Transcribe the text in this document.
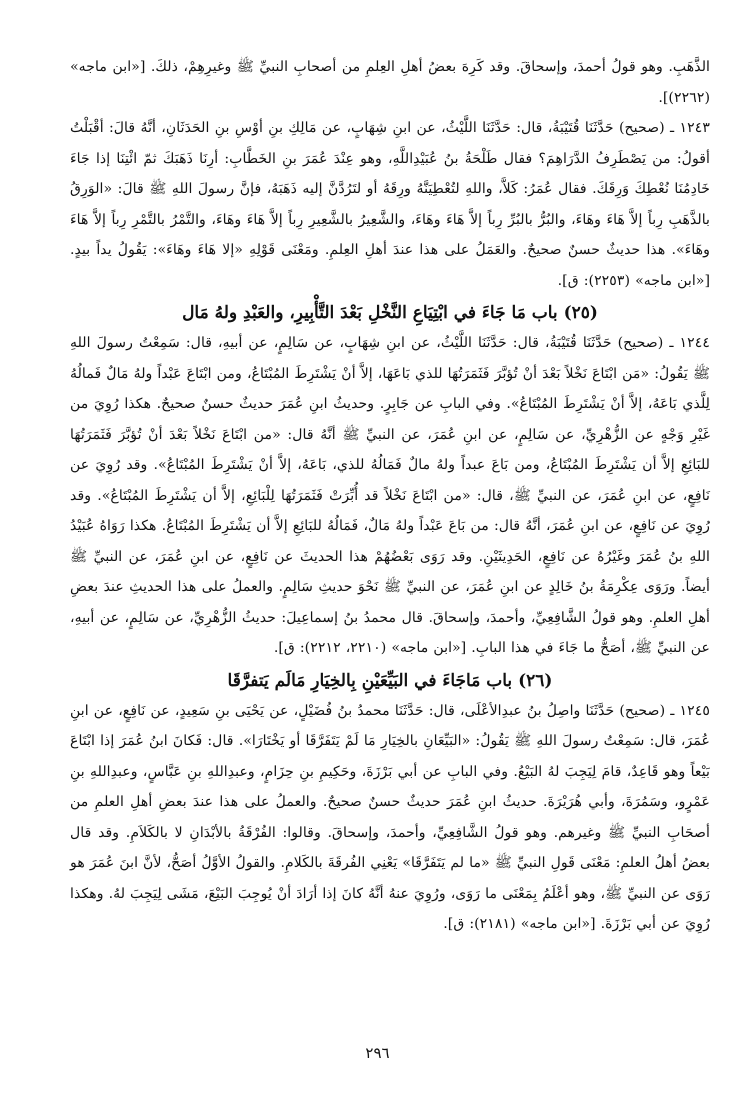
الذَّهَبِ. وهو قولُ أحمدَ، وإسحاقَ. وقد كَرِهَ بعضُ أهلِ العِلمِ من أصحابِ النبيِّ ﷺ وغيرِهِمْ، ذلكَ. [«ابن ماجه» (٢٢٦٢)].

١٢٤٣ ـ (صحيح) حَدَّثَنَا قُتَيْبَةُ، قال: حَدَّثَنَا اللَّيْثُ، عن ابنِ شِهَابٍ، عن مَالِكِ بنِ أوْسِ بنِ الحَدَثَانِ، أنَّهُ قالَ: أقْبَلْتُ أقولُ: من يَصْطَرِفُ الدَّرَاهِمَ؟ فقال طَلْحَةُ بنُ عُبَيْدِاللَّهِ، وهو عِنْدَ عُمَرَ بنِ الخَطَّابِ: أرِنَا ذَهَبَكَ ثمّ ائْتِنَا إذا جَاءَ خَادِمُنَا نُعْطِكَ وَرِقَكَ. فقال عُمَرُ: كَلاَّ، واللهِ لتُعْطِيَنَّهُ ورِقَهُ أو لتَرُدَّنَّ إليه ذَهَبَهُ، فإنَّ رسولَ اللهِ ﷺ قالَ: «الوَرِقُ بالذَّهَبِ رِباً إلاَّ هَاءَ وهَاءَ، والبُرُّ بالبُرِّ رِباً إلاَّ هَاءَ وهَاءَ، والشَّعِيرُ بالشَّعِيرِ رِباً إلاَّ هَاءَ وهَاءَ، والتَّمْرُ بالتَّمْرِ رِباً إلاَّ هَاءَ وهَاءَ». هذا حديثٌ حسنٌ صحيحٌ. والعَمَلُ على هذا عندَ أهلِ العِلمِ. ومَعْنَى قَوْلِهِ «إلا هَاءَ وهَاءَ»: يَقُولُ يداً بيدٍ. [«ابن ماجه» (٢٢٥٣): ق].

(٢٥) باب مَا جَاءَ في ابْتِيَاعِ النَّخْلِ بَعْدَ التَّأْبِيرِ، والعَبْدِ ولهُ مَال

١٢٤٤ ـ (صحيح) حَدَّثَنَا قُتَيْبَةُ، قال: حَدَّثَنَا اللَّيْثُ، عن ابنِ شِهَابٍ، عن سَالِمٍ، عن أبيهِ، قال: سَمِعْتُ رسولَ اللهِ ﷺ يَقُولُ: «مَن ابْتَاعَ نَخْلاً بَعْدَ أنْ تُؤبَّرَ فَثَمَرَتُهَا للذي بَاعَهَا، إلاَّ أنْ يَشْتَرِطَ المُبْتَاعُ، ومن ابْتَاعَ عَبْداً ولهُ مَالٌ فَمالُهُ لِلَّذي بَاعَهُ، إلاَّ أنْ يَشْتَرِطَ المُبْتَاعُ». وفي البابِ عن جَابِرٍ. وحديثُ ابنِ عُمَرَ حديثٌ حسنٌ صحيحٌ. هكذا رُوِيَ من غَيْرِ وَجْهٍ عن الزُّهْرِيِّ، عن سَالِمٍ، عن ابنِ عُمَرَ، عن النبيِّ ﷺ أنَّهُ قال: «من ابْتَاعَ نَخْلاً بَعْدَ أنْ تُؤبَّرَ فَثَمَرَتُهَا للبَائِعِ إلاَّ أن يَشْتَرِطَ المُبْتَاعُ، ومن بَاعَ عبداً ولهُ مالٌ فَمَالُهُ للذي، بَاعَهُ، إلاَّ أنْ يَشْتَرِطَ المُبْتَاعُ». وقد رُوِيَ عن نَافِعٍ، عن ابنِ عُمَرَ، عن النبيِّ ﷺ، قال: «من ابْتَاعَ نَخْلاً قد أُبِّرَتْ فَثَمَرَتُهَا لِلْبَائِعِ، إلاَّ أن يَشْتَرِطَ المُبْتَاعُ». وقد رُوِيَ عن نَافِعٍ، عن ابنِ عُمَرَ، أنَّهُ قال: من بَاعَ عَبْداً ولهُ مَالٌ، فَمَالُهُ للبَائِعِ إلاَّ أن يَشْتَرِطَ المُبْتَاعُ. هكذا رَوَاهُ عُبَيْدُ اللهِ بنُ عُمَرَ وغَيْرُهُ عن نَافِعٍ، الحَدِيثَيْنِ. وقد رَوَى بَعْضُهُمْ هذا الحديثَ عن نَافِعٍ، عن ابنِ عُمَرَ، عن النبيِّ ﷺ أيضاً. ورَوَى عِكْرِمَةُ بنُ خَالِدٍ عن ابنِ عُمَرَ، عن النبيِّ ﷺ نَحْوَ حديثِ سَالِمٍ. والعملُ على هذا الحديثِ عندَ بعضِ أهلِ العلمِ. وهو قولُ الشَّافِعِيِّ، وأحمدَ، وإسحاقَ. قال محمدُ بنُ إسماعِيلَ: حديثُ الزُّهْرِيِّ، عن سَالِمٍ، عن أبيهِ، عن النبيِّ ﷺ، أصَحُّ ما جَاءَ في هذا البابِ. [«ابن ماجه» (٢٢١٠، ٢٢١٢): ق].

(٢٦) باب مَاجَاءَ في البَيِّعَيْنِ بِالخِيَارِ مَالَم يَتفرَّقَا

١٢٤٥ ـ (صحيح) حَدَّثَنَا واصِلُ بنُ عبدِالأعْلَى، قال: حَدَّثَنَا محمدُ بنُ فُضَيْلٍ، عن يَحْيَى بنِ سَعِيدٍ، عن نَافِعٍ، عن ابنِ عُمَرَ، قال: سَمِعْتُ رسولَ اللهِ ﷺ يَقُولُ: «البَيِّعَانِ بالخِيَارِ مَا لَمْ يَتَفَرَّقَا أو يَخْتَارَا». قال: فَكانَ ابنُ عُمَرَ إذا ابْتَاعَ بَيْعاً وهو قَاعِدٌ، قامَ لِيَجِبَ لهُ البَيْعُ. وفي البابِ عن أبي بَرْزَةَ، وحَكِيمِ بنِ حِزَامٍ، وعبدِاللهِ بنِ عَبَّاسٍ، وعبدِاللهِ بنِ عَمْرٍو، وسَمُرَةَ، وأبي هُرَيْرَةَ. حديثُ ابنِ عُمَرَ حديثٌ حسنٌ صحيحٌ. والعملُ على هذا عندَ بعضِ أهلِ العلمِ من أصحَابِ النبيِّ ﷺ وغيرهم. وهو قولُ الشَّافِعِيِّ، وأحمدَ، وإسحاقَ. وقالوا: الفُرْقَةُ بالأبْدَانِ لا بالكَلاَمِ. وقد قال بعضُ أهلُ العلمِ: مَعْنَى قَولِ النبيِّ ﷺ «ما لم يَتَفَرَّقَا» يَعْنِي الفُرقَةَ بالكَلامِ. والقولُ الأوَّلُ أصَحُّ، لأنَّ ابنَ عُمَرَ هو رَوَى عن النبيِّ ﷺ، وهو أعْلَمُ بِمَعْنَى ما رَوَى، ورُوِيَ عنهُ أنَّهُ كانَ إذا أرَادَ أنْ يُوجِبَ البَيْعَ، مَشَى لِيَجِبَ لهُ. وهكذا رُوِيَ عن أبي بَرْزَةَ. [«ابن ماجه» (٢١٨١): ق].

٢٩٦
